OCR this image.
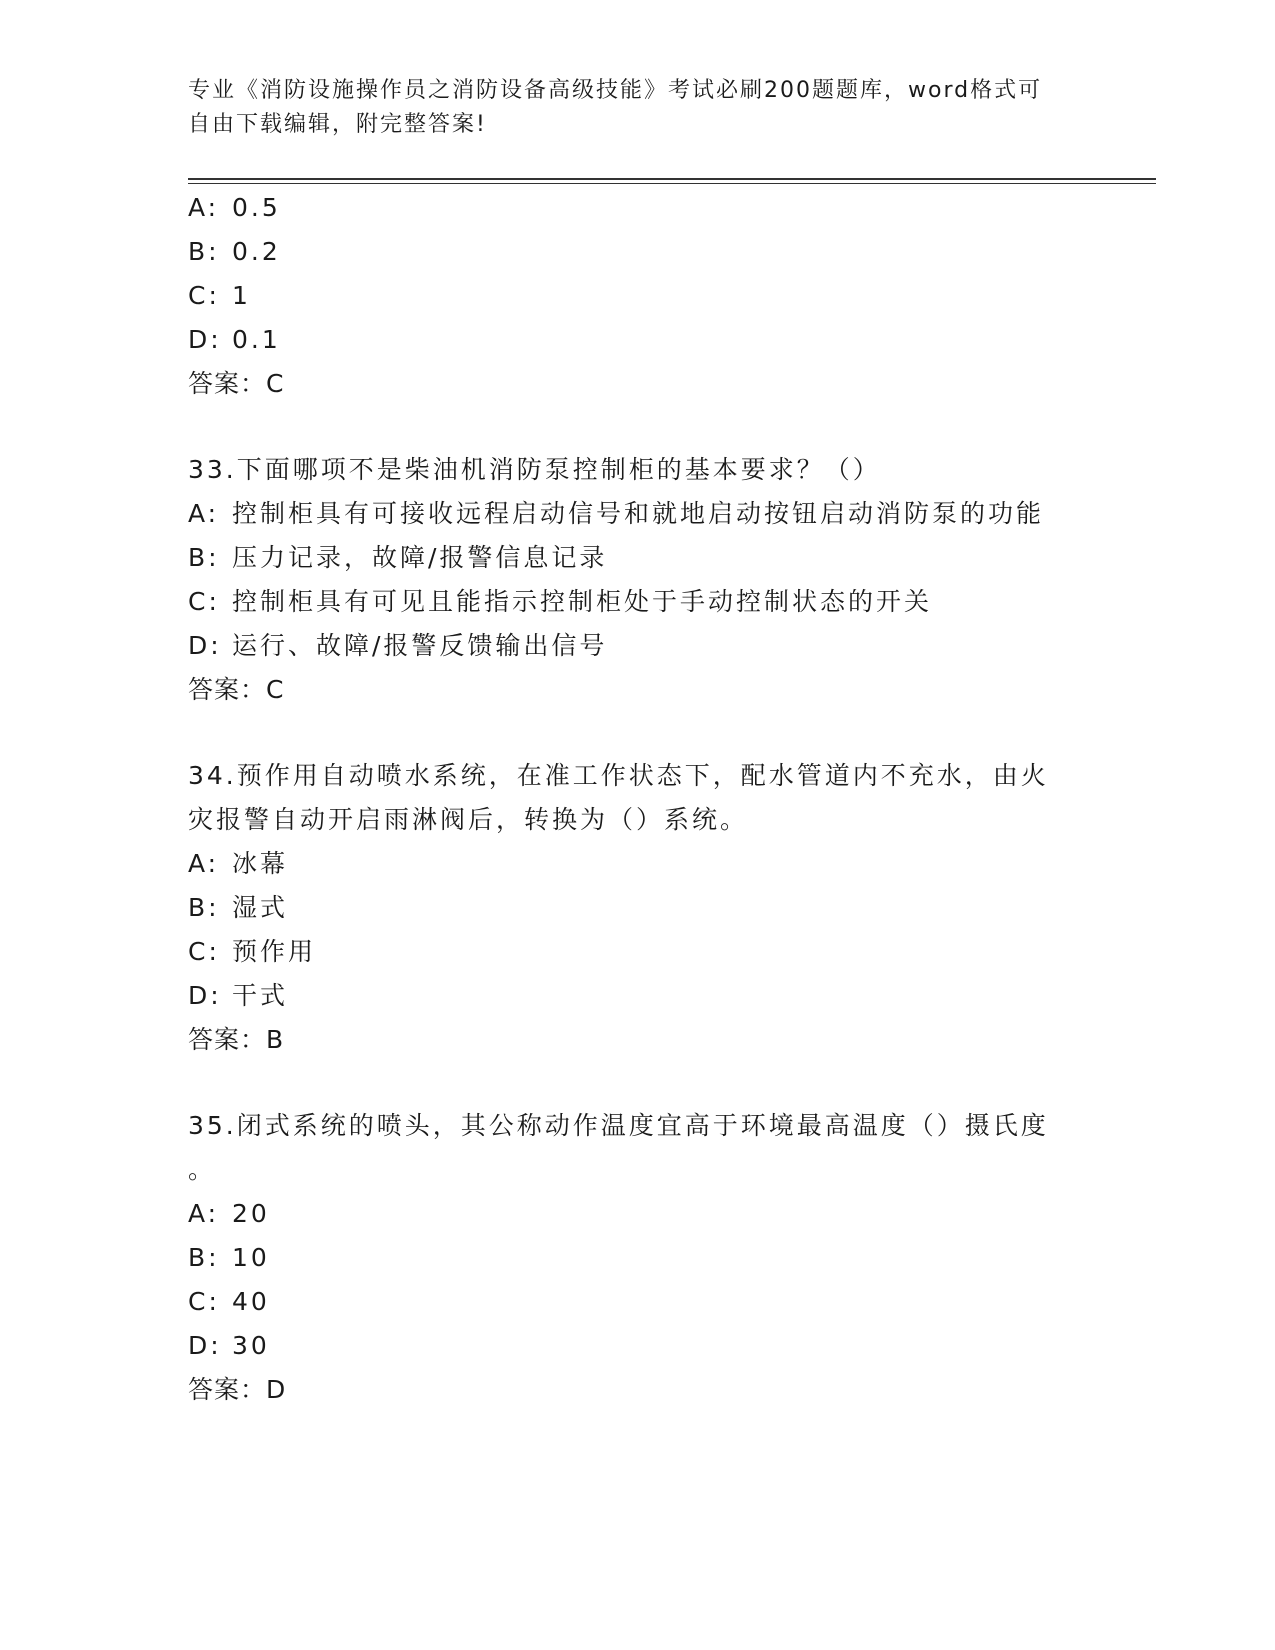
专业《消防设施操作员之消防设备高级技能》考试必刷200题题库，word格式可
自由下载编辑，附完整答案!
A: 0.5
B: 0.2
C: 1
D: 0.1
答案：C
33.下面哪项不是柴油机消防泵控制柜的基本要求？（）
A: 控制柜具有可接收远程启动信号和就地启动按钮启动消防泵的功能
B: 压力记录，故障/报警信息记录
C: 控制柜具有可见且能指示控制柜处于手动控制状态的开关
D: 运行、故障/报警反馈输出信号
答案：C
34.预作用自动喷水系统，在准工作状态下，配水管道内不充水，由火
灾报警自动开启雨淋阀后，转换为（）系统。
A: 冰幕
B: 湿式
C: 预作用
D: 干式
答案：B
35.闭式系统的喷头，其公称动作温度宜高于环境最高温度（）摄氏度
。
A: 20
B: 10
C: 40
D: 30
答案：D
